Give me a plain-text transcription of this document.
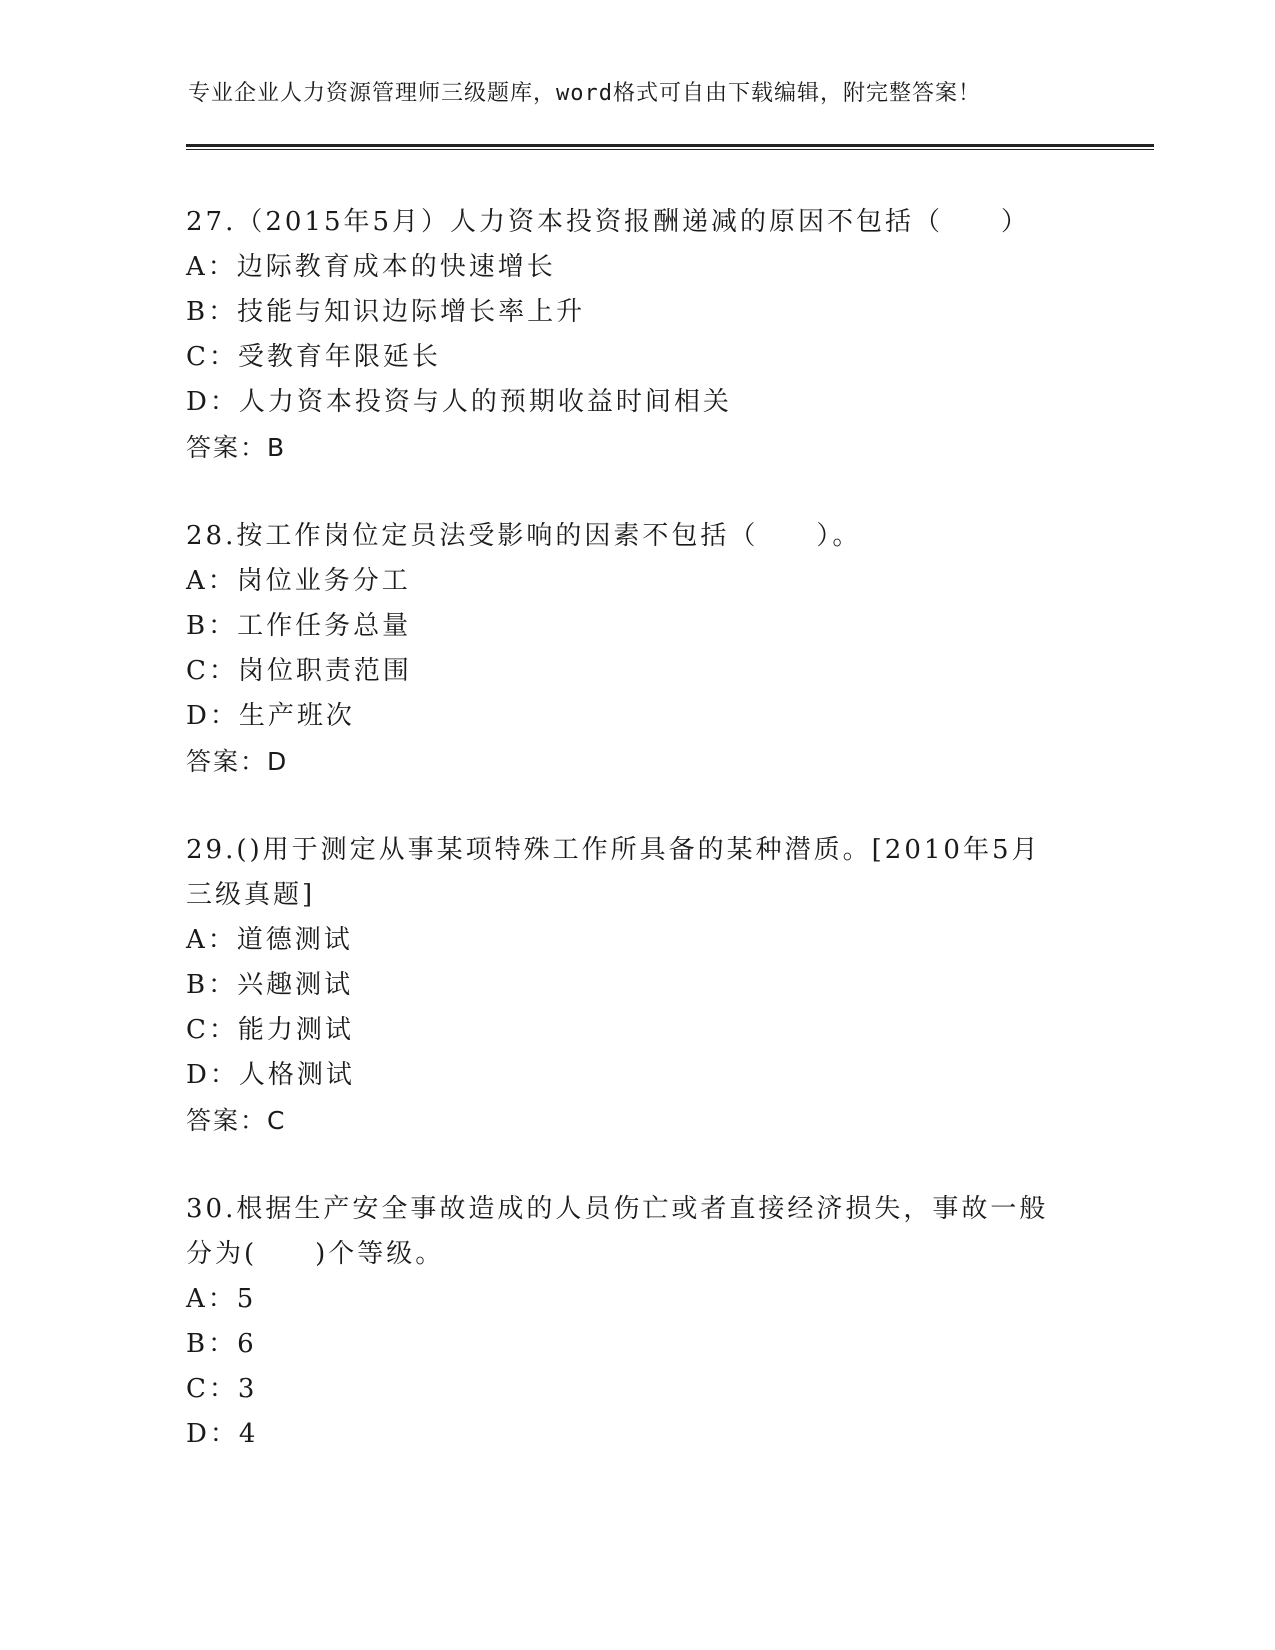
专业企业人力资源管理师三级题库，word格式可自由下载编辑，附完整答案！
27.（2015年5月）人力资本投资报酬递减的原因不包括（　　）
A：边际教育成本的快速增长
B：技能与知识边际增长率上升
C：受教育年限延长
D：人力资本投资与人的预期收益时间相关
答案：B
28.按工作岗位定员法受影响的因素不包括（　　）。
A：岗位业务分工
B：工作任务总量
C：岗位职责范围
D：生产班次
答案：D
29.()用于测定从事某项特殊工作所具备的某种潜质。[2010年5月三级真题]
A：道德测试
B：兴趣测试
C：能力测试
D：人格测试
答案：C
30.根据生产安全事故造成的人员伤亡或者直接经济损失，事故一般分为(　　)个等级。
A：5
B：6
C：3
D：4
